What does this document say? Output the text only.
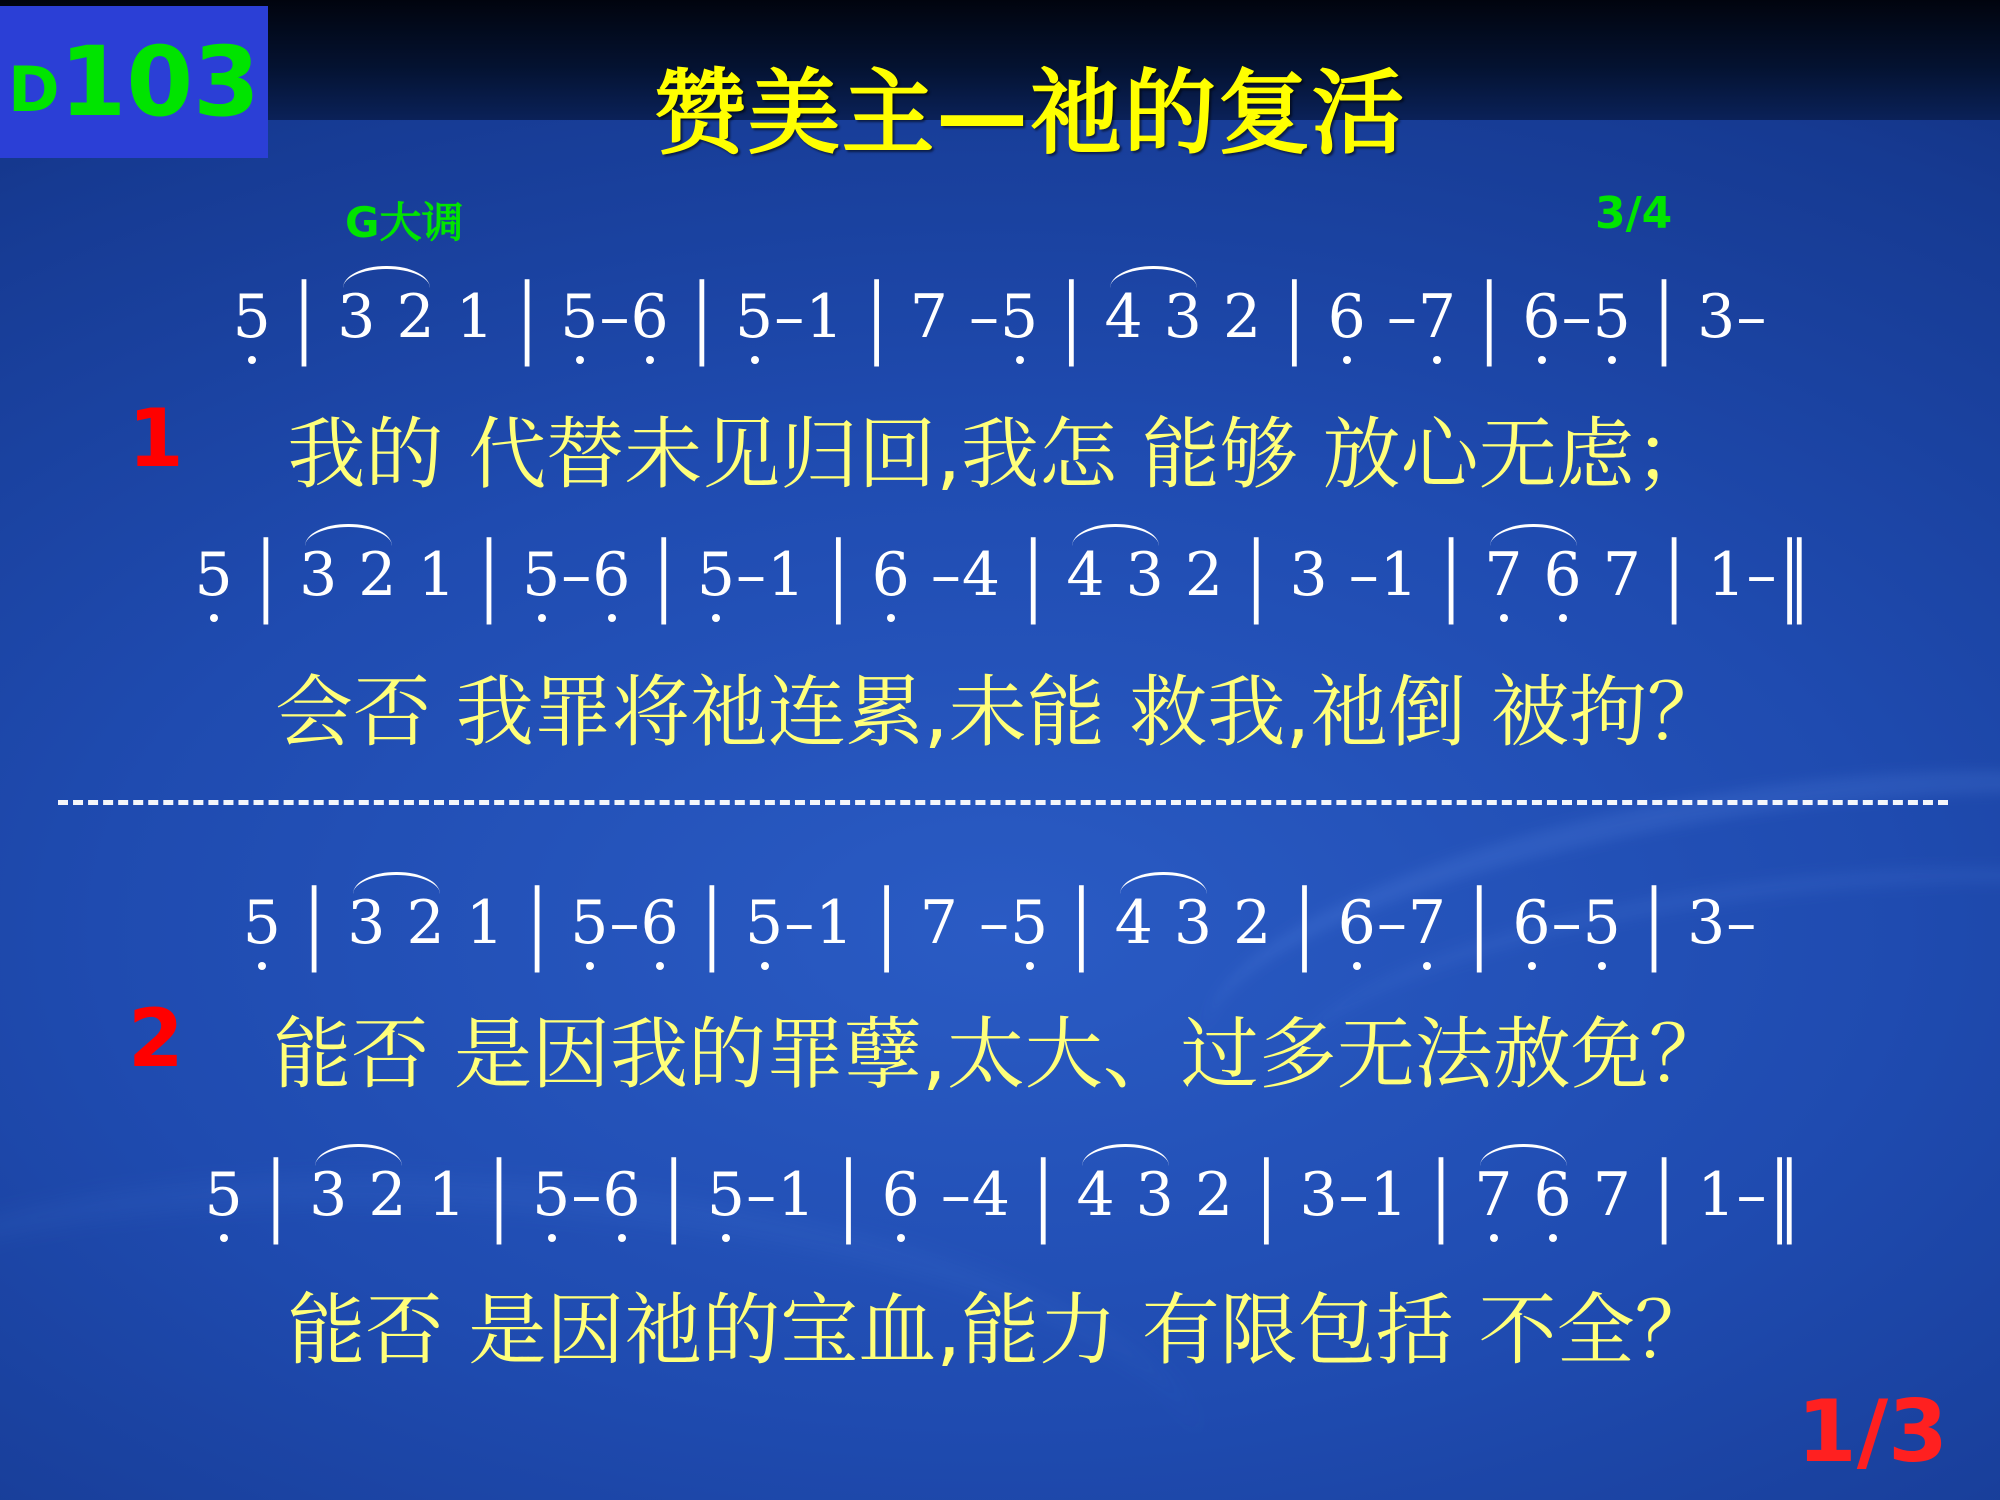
D 103	赞美主—祂的复活
G大调	3/4
5 | 3 2 1 | 5–6 | 5–1 | 7 –5 | 4 3 2 | 6 –7 | 6–5 | 3–
1	我的 代替未见归回,我怎 能够 放心无虑；
5 | 3 2 1 | 5–6 | 5–1 | 6 –4 | 4 3 2 | 3 –1 | 7 6 7 | 1–‖
会否 我罪将祂连累,未能 救我,祂倒 被拘？
5 | 3 2 1 | 5–6 | 5–1 | 7 –5 | 4 3 2 | 6–7 | 6–5 | 3–
2	能否 是因我的罪孽,太大、过多无法赦免？
5 | 3 2 1 | 5–6 | 5–1 | 6 –4 | 4 3 2 | 3–1 | 7 6 7 | 1–‖
能否 是因祂的宝血,能力 有限包括 不全？
1/3
